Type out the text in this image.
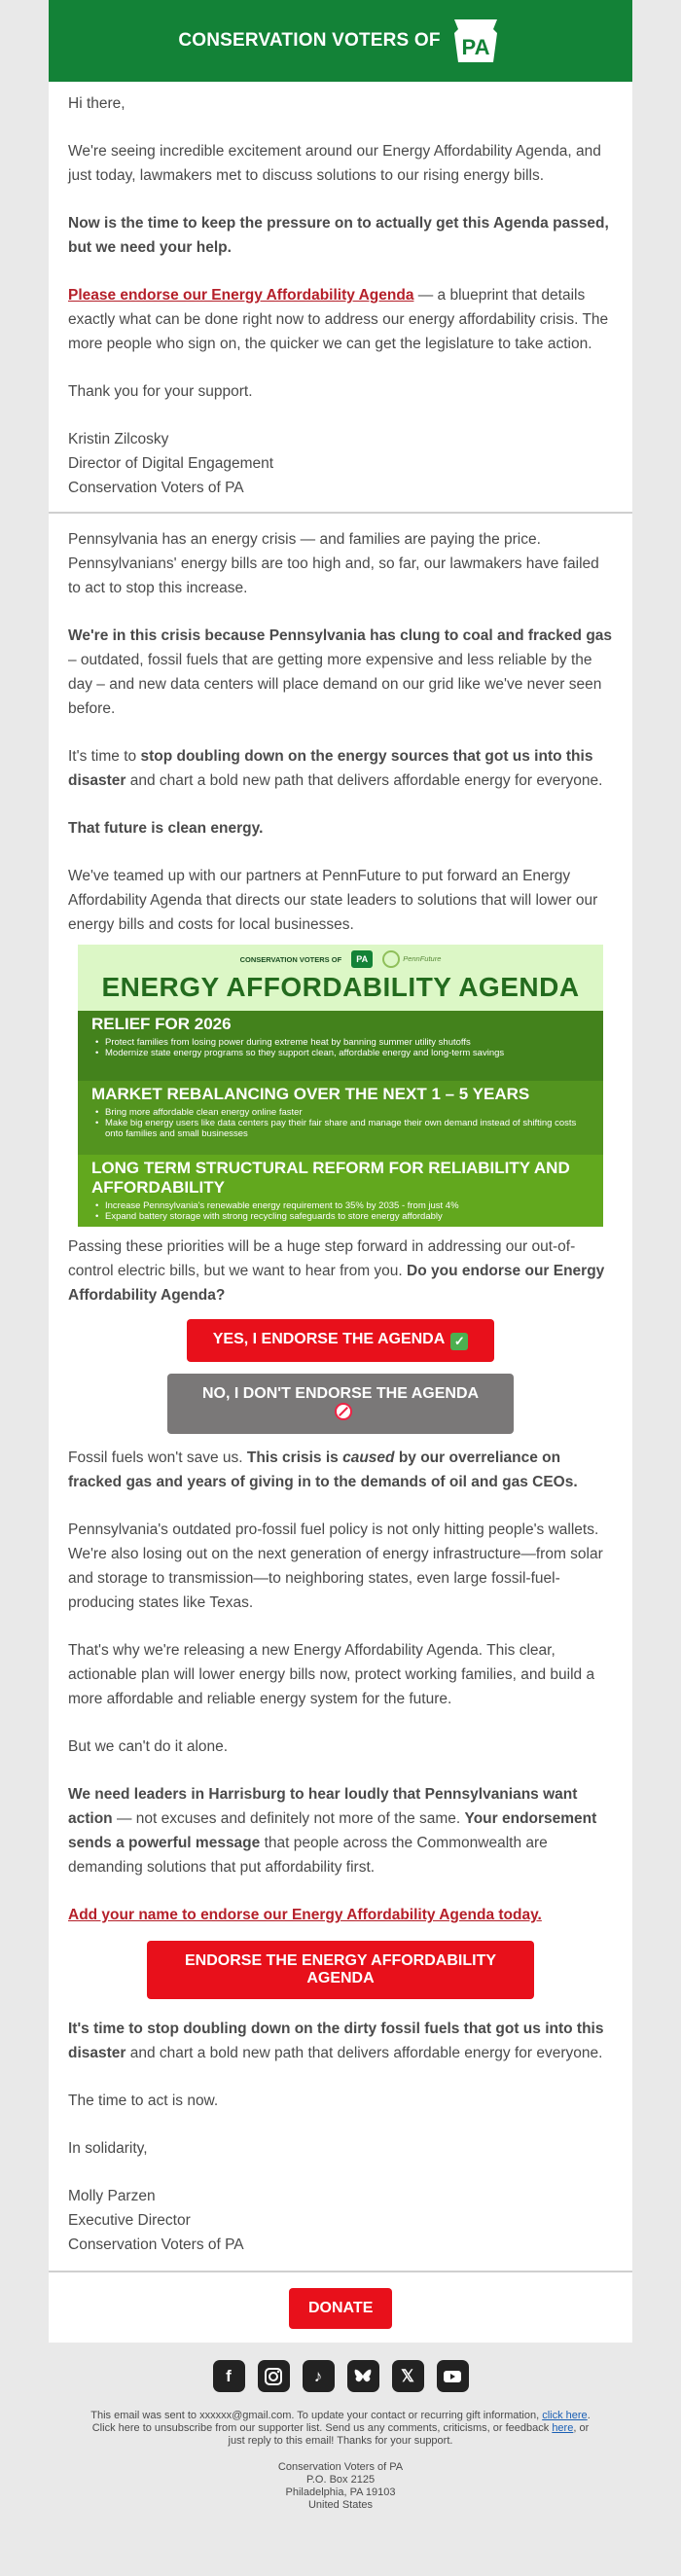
CONSERVATION VOTERS OF PA

Hi there,

We're seeing incredible excitement around our Energy Affordability Agenda, and just today, lawmakers met to discuss solutions to our rising energy bills.

Now is the time to keep the pressure on to actually get this Agenda passed, but we need your help.

Please endorse our Energy Affordability Agenda — a blueprint that details exactly what can be done right now to address our energy affordability crisis. The more people who sign on, the quicker we can get the legislature to take action.

Thank you for your support.

Kristin Zilcosky
Director of Digital Engagement
Conservation Voters of PA

Pennsylvania has an energy crisis — and families are paying the price. Pennsylvanians' energy bills are too high and, so far, our lawmakers have failed to act to stop this increase.

We're in this crisis because Pennsylvania has clung to coal and fracked gas – outdated, fossil fuels that are getting more expensive and less reliable by the day – and new data centers will place demand on our grid like we've never seen before.

It's time to stop doubling down on the energy sources that got us into this disaster and chart a bold new path that delivers affordable energy for everyone.

That future is clean energy.

We've teamed up with our partners at PennFuture to put forward an Energy Affordability Agenda that directs our state leaders to solutions that will lower our energy bills and costs for local businesses.

CONSERVATION VOTERS OF	PA	PennFuture
ENERGY AFFORDABILITY AGENDA
RELIEF FOR 2026
• Protect families from losing power during extreme heat by banning summer utility shutoffs
• Modernize state energy programs so they support clean, affordable energy and long-term savings
MARKET REBALANCING OVER THE NEXT 1 – 5 YEARS
• Bring more affordable clean energy online faster
• Make big energy users like data centers pay their fair share and manage their own demand instead of shifting costs onto families and small businesses
LONG TERM STRUCTURAL REFORM FOR RELIABILITY AND AFFORDABILITY
• Increase Pennsylvania's renewable energy requirement to 35% by 2035 - from just 4%
• Expand battery storage with strong recycling safeguards to store energy affordably

Passing these priorities will be a huge step forward in addressing our out-of-control electric bills, but we want to hear from you. Do you endorse our Energy Affordability Agenda?

YES, I ENDORSE THE AGENDA ✓
NO, I DON'T ENDORSE THE AGENDA

Fossil fuels won't save us. This crisis is caused by our overreliance on fracked gas and years of giving in to the demands of oil and gas CEOs.

Pennsylvania's outdated pro-fossil fuel policy is not only hitting people's wallets. We're also losing out on the next generation of energy infrastructure—from solar and storage to transmission—to neighboring states, even large fossil-fuel-producing states like Texas.

That's why we're releasing a new Energy Affordability Agenda. This clear, actionable plan will lower energy bills now, protect working families, and build a more affordable and reliable energy system for the future.

But we can't do it alone.

We need leaders in Harrisburg to hear loudly that Pennsylvanians want action — not excuses and definitely not more of the same. Your endorsement sends a powerful message that people across the Commonwealth are demanding solutions that put affordability first.

Add your name to endorse our Energy Affordability Agenda today.

ENDORSE THE ENERGY AFFORDABILITY AGENDA

It's time to stop doubling down on the dirty fossil fuels that got us into this disaster and chart a bold new path that delivers affordable energy for everyone.

The time to act is now.

In solidarity,

Molly Parzen
Executive Director
Conservation Voters of PA

DONATE
f	♪	𝕏
This email was sent to xxxxxx@gmail.com. To update your contact or recurring gift information, click here. Click here to unsubscribe from our supporter list. Send us any comments, criticisms, or feedback here, or just reply to this email! Thanks for your support.
Conservation Voters of PA
P.O. Box 2125
Philadelphia, PA 19103
United States
